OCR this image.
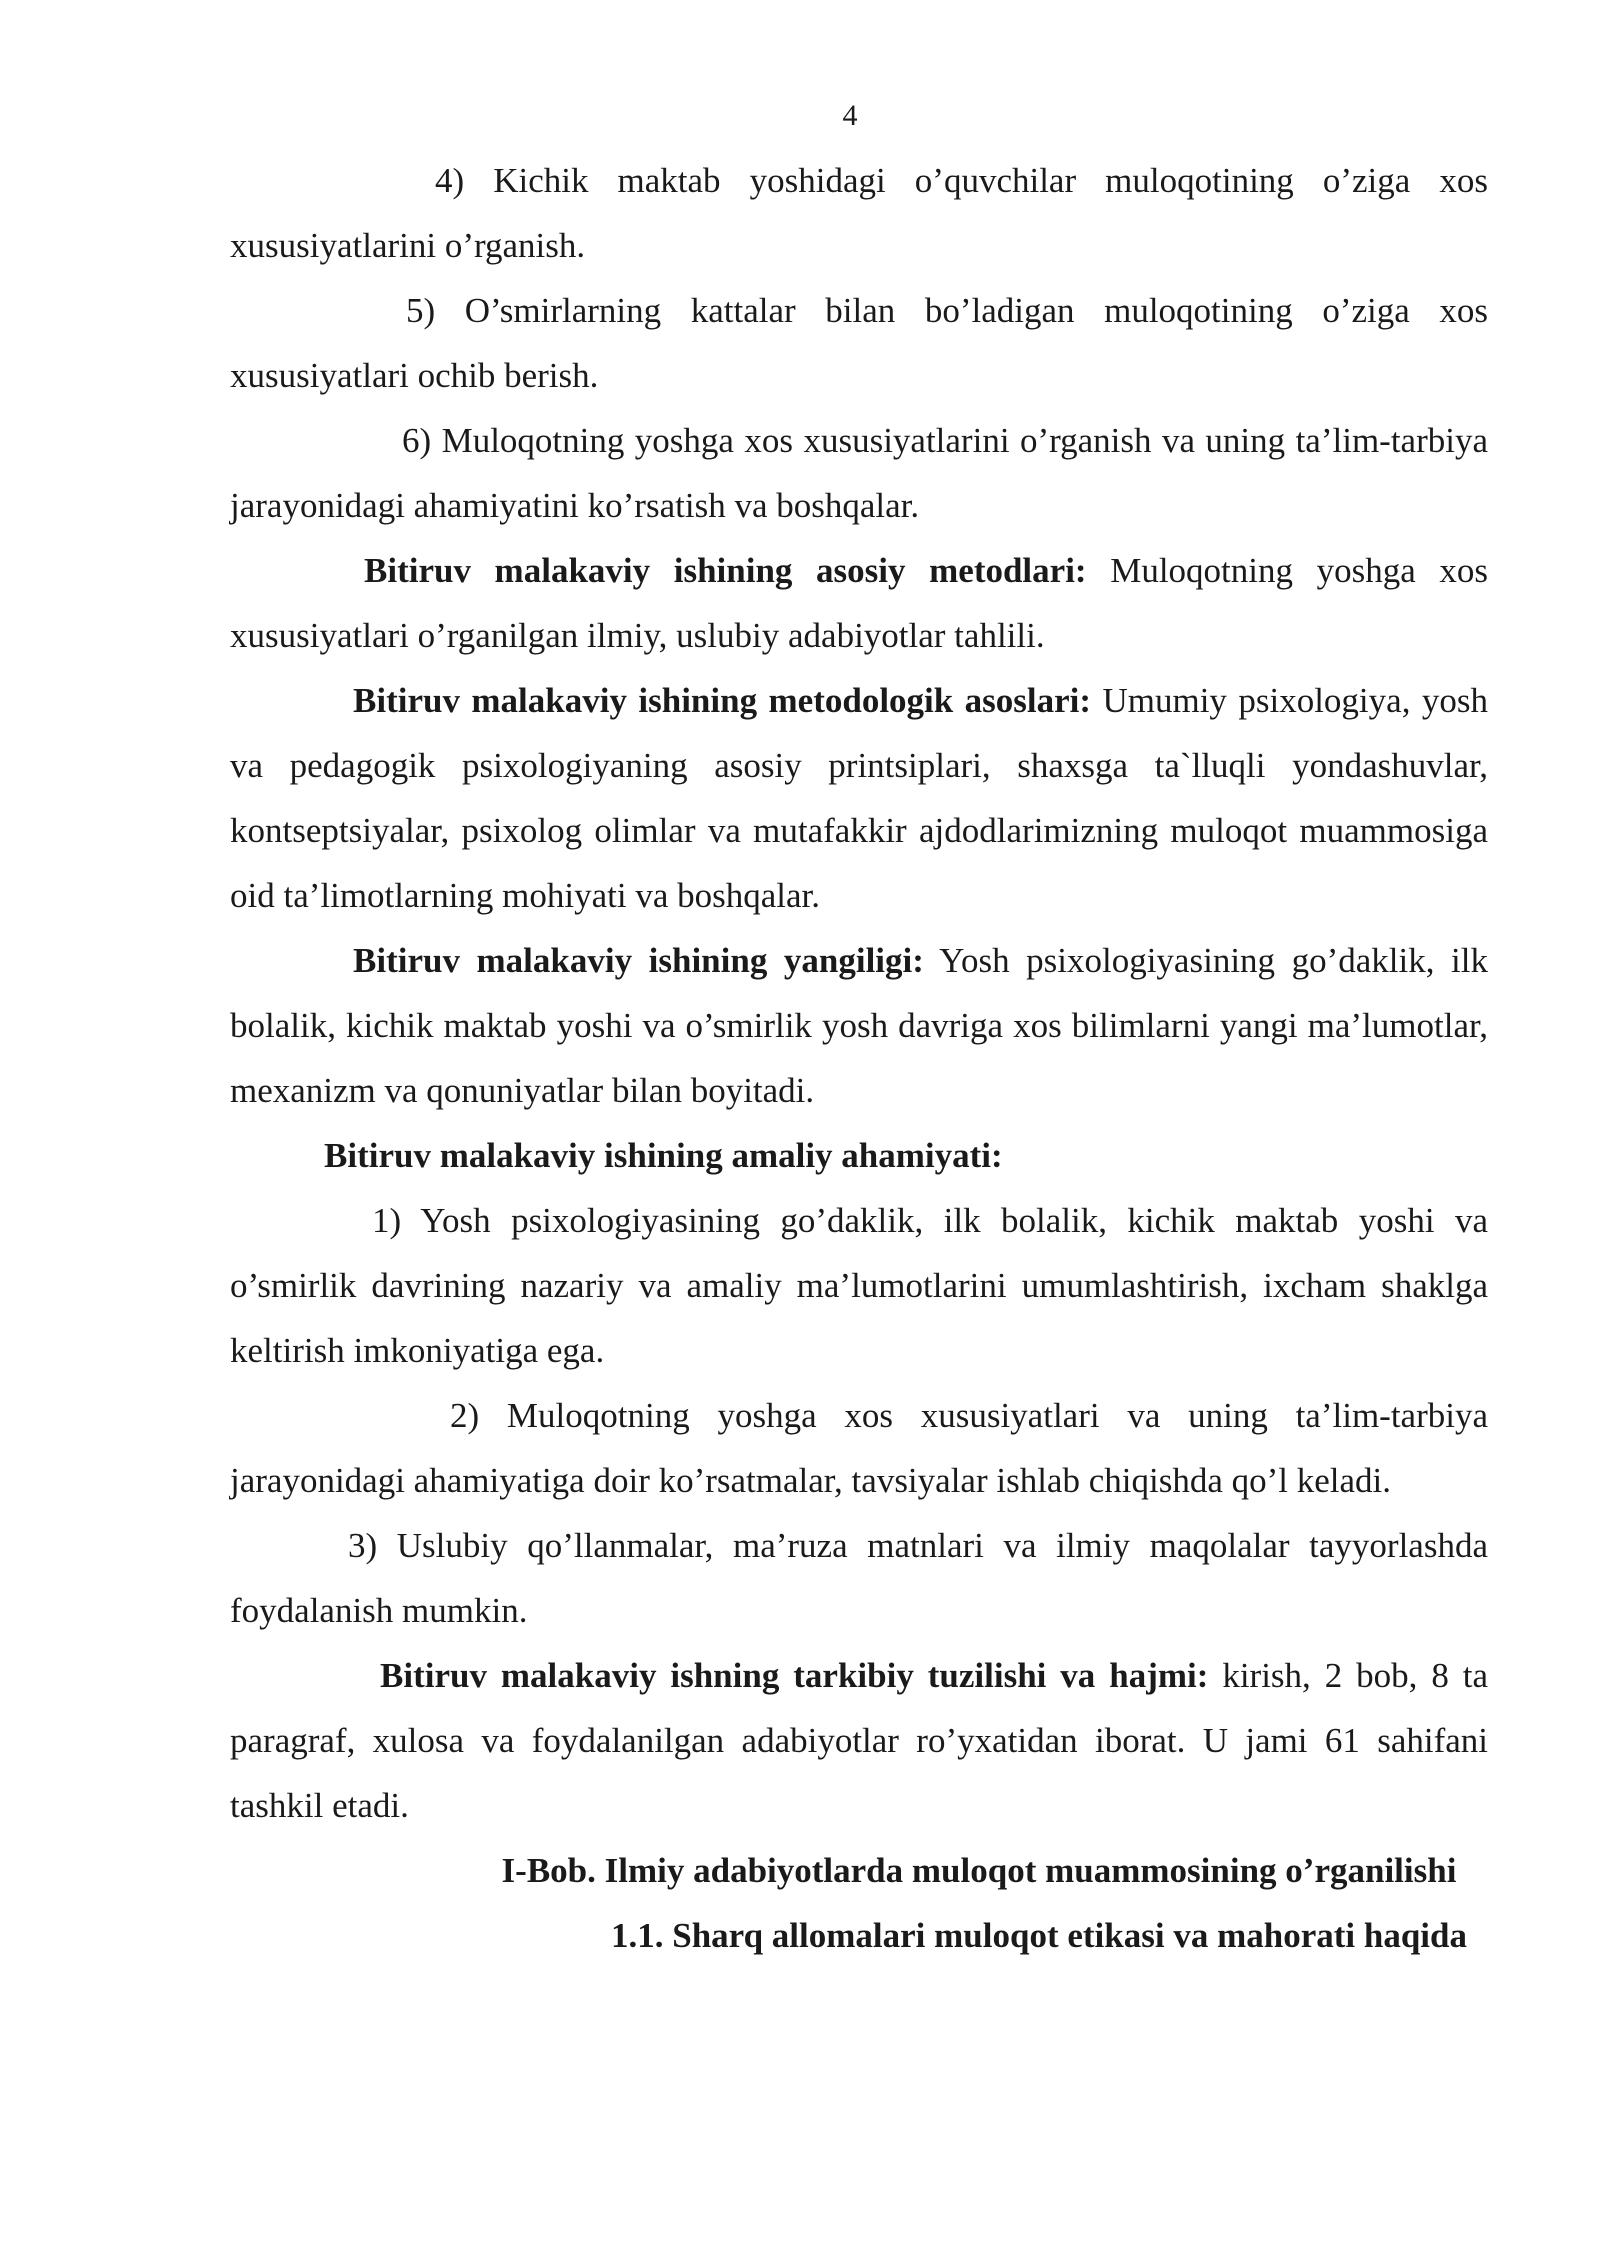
4

4) Kichik maktab yoshidagi o’quvchilar muloqotining o’ziga xos xususiyatlarini o’rganish.

5) O’smirlarning kattalar bilan bo’ladigan muloqotining o’ziga xos xususiyatlari ochib berish.

6) Muloqotning yoshga xos xususiyatlarini o’rganish va uning ta’lim-tarbiya jarayonidagi ahamiyatini ko’rsatish va boshqalar.

Bitiruv malakaviy ishining asosiy metodlari: Muloqotning yoshga xos xususiyatlari o’rganilgan ilmiy, uslubiy adabiyotlar tahlili.

Bitiruv malakaviy ishining metodologik asoslari: Umumiy psixologiya, yosh va pedagogik psixologiyaning asosiy printsiplari, shaxsga ta`lluqli yondashuvlar, kontseptsiyalar, psixolog olimlar va mutafakkir ajdodlarimizning muloqot muammosiga oid ta’limotlarning mohiyati va boshqalar.

Bitiruv malakaviy ishining yangiligi: Yosh psixologiyasining go’daklik, ilk bolalik, kichik maktab yoshi va o’smirlik yosh davriga xos bilimlarni yangi ma’lumotlar, mexanizm va qonuniyatlar bilan boyitadi.

Bitiruv malakaviy ishining amaliy ahamiyati:

1) Yosh psixologiyasining go’daklik, ilk bolalik, kichik maktab yoshi va o’smirlik davrining nazariy va amaliy ma’lumotlarini umumlashtirish, ixcham shaklga keltirish imkoniyatiga ega.

2) Muloqotning yoshga xos xususiyatlari va uning ta’lim-tarbiya jarayonidagi ahamiyatiga doir ko’rsatmalar, tavsiyalar ishlab chiqishda qo’l keladi.

3) Uslubiy qo’llanmalar, ma’ruza matnlari va ilmiy maqolalar tayyorlashda foydalanish mumkin.

Bitiruv malakaviy ishning tarkibiy tuzilishi va hajmi: kirish, 2 bob, 8 ta paragraf, xulosa va foydalanilgan adabiyotlar ro’yxatidan iborat. U jami 61 sahifani tashkil etadi.

I-Bob. Ilmiy adabiyotlarda muloqot muammosining o’rganilishi

1.1. Sharq allomalari muloqot etikasi va mahorati haqida
